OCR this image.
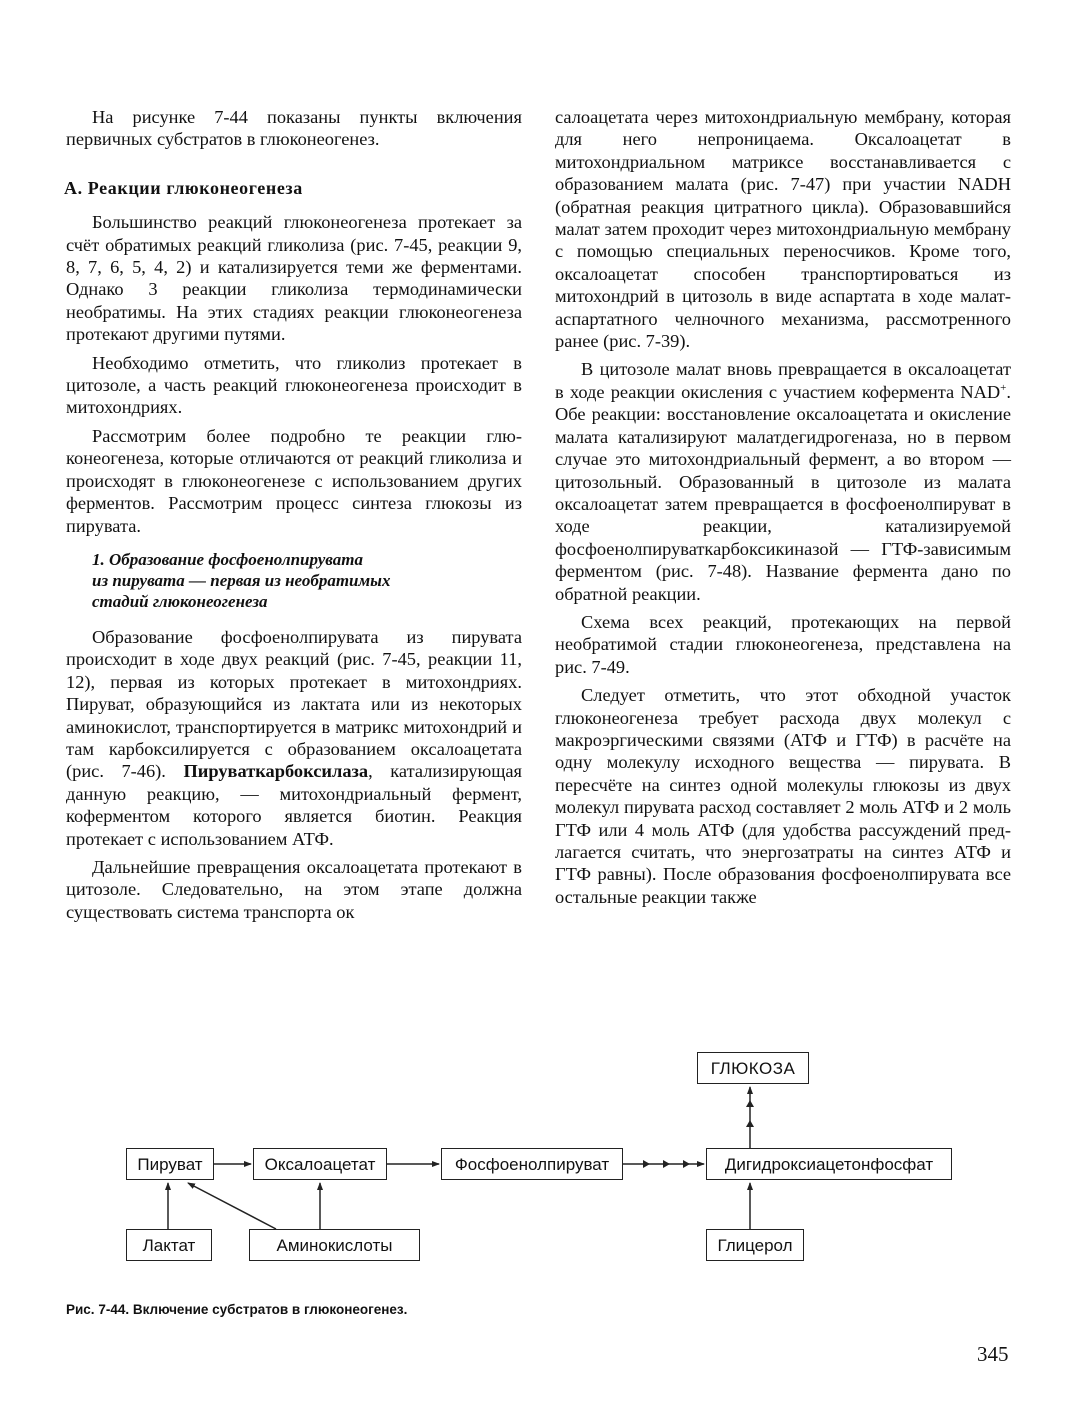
На рисунке 7-44 показаны пункты включения первичных субстратов в глюконеогенез.

А. Реакции глюконеогенеза

Большинство реакций глюконеогенеза протекает за счёт обратимых реакций гликолиза (рис. 7-45, реакции 9, 8, 7, 6, 5, 4, 2) и катализируется теми же ферментами. Однако 3 реакции гликолиза термодинамически необратимы. На этих стадиях реакции глюконеогенеза протекают другими путями.

Необходимо отметить, что гликолиз протекает в цитозоле, а часть реакций глюконеогенеза происходит в митохондриях.

Рассмотрим более подробно те реакции глюконеогенеза, которые отличаются от реакций гликолиза и происходят в глюконеогенезе с использованием других ферментов. Рассмотрим процесс синтеза глюкозы из пирувата.

1. Образование фосфоенолпирувата
из пирувата — первая из необратимых
стадий глюконеогенеза

Образование фосфоенолпирувата из пирувата происходит в ходе двух реакций (рис. 7-45, реакции 11, 12), первая из которых протекает в митохондриях. Пируват, образующийся из лактата или из некоторых аминокислот, транспортируется в матрикс митохондрий и там карбоксилируется с образованием оксалоацетата (рис. 7-46). Пируваткарбоксилаза, катализирующая данную реакцию, — митохондриальный фермент, коферментом которого является биотин. Реакция протекает с использованием АТФ.

Дальнейшие превращения оксалоацетата протекают в цитозоле. Следовательно, на этом этапе должна существовать система транспорта ок

салоацетата через митохондриальную мембрану, которая для него непроницаема. Оксалоацетат в митохондриальном матриксе восстанавливается с образованием малата (рис. 7-47) при участии NADH (обратная реакция цитратного цикла). Образовавшийся малат затем проходит через митохондриальную мембрану с помощью специальных переносчиков. Кроме того, оксалоацетат способен транспортироваться из митохондрий в цитозоль в виде аспартата в ходе малат-аспартатного челночного механизма, рассмотренного ранее (рис. 7-39).

В цитозоле малат вновь превращается в оксалоацетат в ходе реакции окисления с участием кофермента NAD+. Обе реакции: восстановление оксалоацетата и окисление малата катализируют малатдегидрогеназа, но в первом случае это митохондриальный фермент, а во втором — цитозольный. Образованный в цитозоле из малата оксалоацетат затем превращается в фосфоенолпируват в ходе реакции, катализируемой фосфоенолпируваткарбоксикиназой — ГТФ-зависимым ферментом (рис. 7-48). Название фермента дано по обратной реакции.

Схема всех реакций, протекающих на первой необратимой стадии глюконеогенеза, представлена на рис. 7-49.

Следует отметить, что этот обходной участок глюконеогенеза требует расхода двух молекул с макроэргическими связями (АТФ и ГТФ) в расчёте на одну молекулу исходного вещества — пирувата. В пересчёте на синтез одной молекулы глюкозы из двух молекул пирувата расход составляет 2 моль АТФ и 2 моль ГТФ или 4 моль АТФ (для удобства рассуждений предлагается считать, что энергозатраты на синтез АТФ и ГТФ равны). После образования фосфоенолпирувата все остальные реакции также

ГЛЮКОЗА
Пируват	Оксалоацетат	Фосфоенолпируват	Дигидроксиацетонфосфат
Лактат	Аминокислоты	Глицерол
Рис. 7-44. Включение субстратов в глюконеогенез.
345
